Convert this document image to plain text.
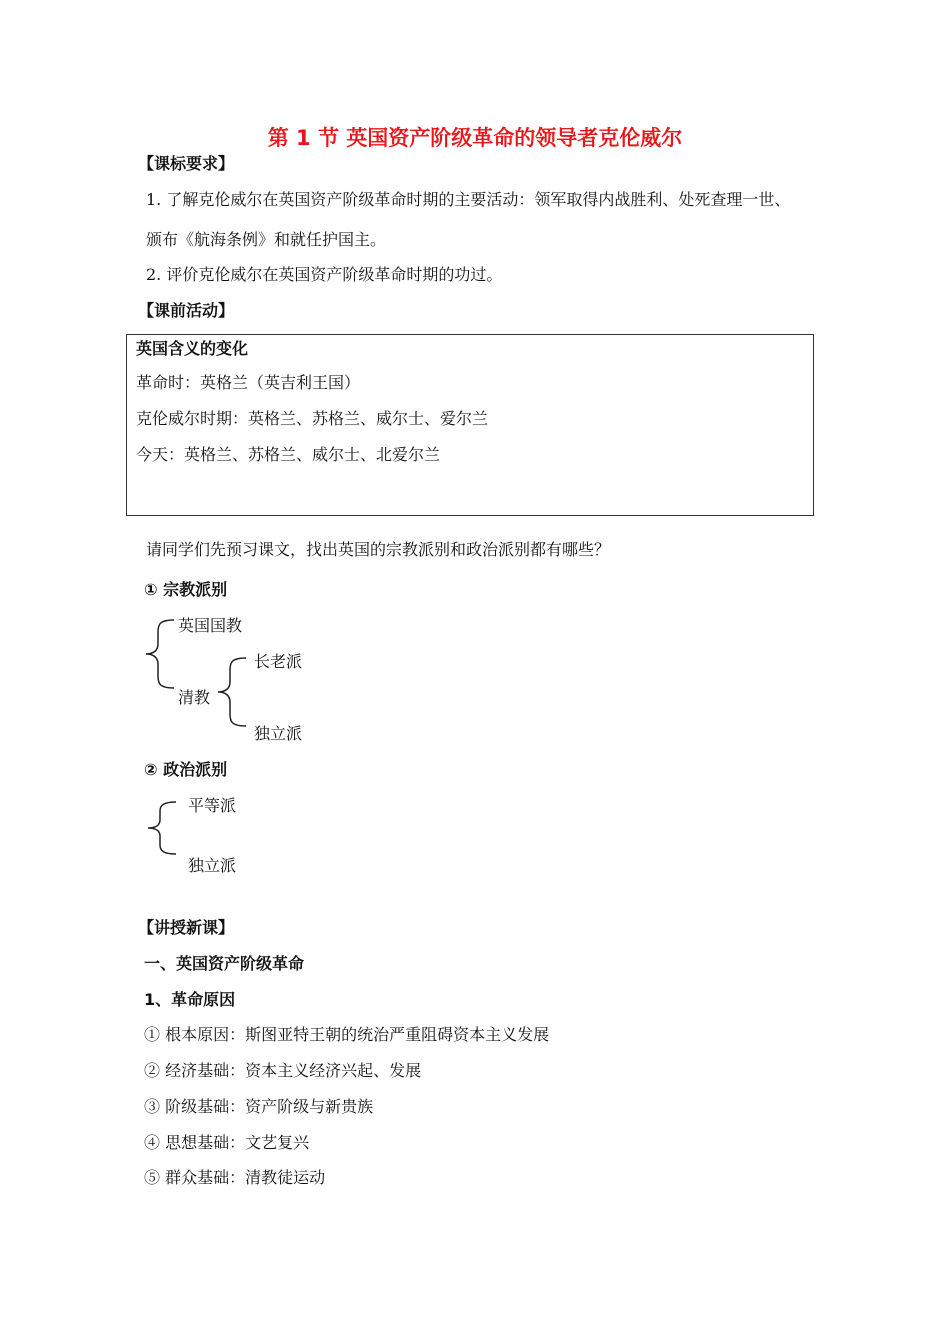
第 1 节 英国资产阶级革命的领导者克伦威尔
【课标要求】
1. 了解克伦威尔在英国资产阶级革命时期的主要活动：领军取得内战胜利、处死查理一世、
颁布《航海条例》和就任护国主。
2. 评价克伦威尔在英国资产阶级革命时期的功过。
【课前活动】
英国含义的变化
革命时：英格兰（英吉利王国）
克伦威尔时期：英格兰、苏格兰、威尔士、爱尔兰
今天：英格兰、苏格兰、威尔士、北爱尔兰
请同学们先预习课文，找出英国的宗教派别和政治派别都有哪些？
① 宗教派别
英国国教
清教
长老派
独立派
② 政治派别
平等派
独立派
【讲授新课】
一、英国资产阶级革命
1、革命原因
① 根本原因：斯图亚特王朝的统治严重阻碍资本主义发展
② 经济基础：资本主义经济兴起、发展
③ 阶级基础：资产阶级与新贵族
④ 思想基础：文艺复兴
⑤ 群众基础：清教徒运动
